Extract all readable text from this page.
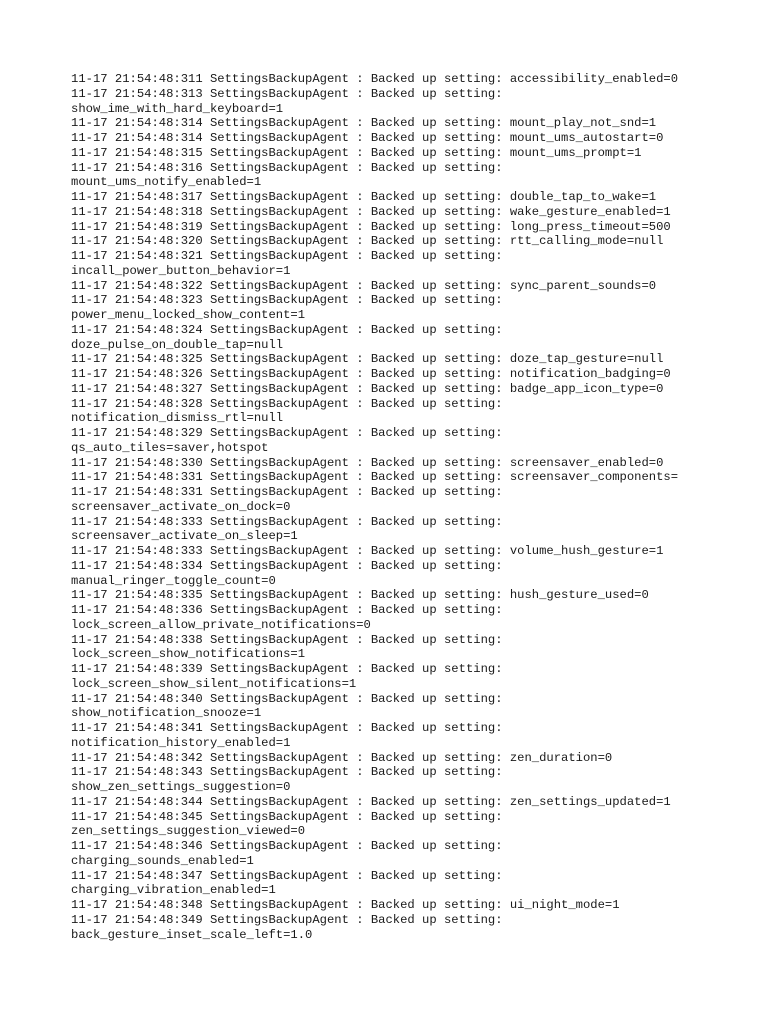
11-17 21:54:48:311 SettingsBackupAgent : Backed up setting: accessibility_enabled=0
11-17 21:54:48:313 SettingsBackupAgent : Backed up setting:
show_ime_with_hard_keyboard=1
11-17 21:54:48:314 SettingsBackupAgent : Backed up setting: mount_play_not_snd=1
11-17 21:54:48:314 SettingsBackupAgent : Backed up setting: mount_ums_autostart=0
11-17 21:54:48:315 SettingsBackupAgent : Backed up setting: mount_ums_prompt=1
11-17 21:54:48:316 SettingsBackupAgent : Backed up setting:
mount_ums_notify_enabled=1
11-17 21:54:48:317 SettingsBackupAgent : Backed up setting: double_tap_to_wake=1
11-17 21:54:48:318 SettingsBackupAgent : Backed up setting: wake_gesture_enabled=1
11-17 21:54:48:319 SettingsBackupAgent : Backed up setting: long_press_timeout=500
11-17 21:54:48:320 SettingsBackupAgent : Backed up setting: rtt_calling_mode=null
11-17 21:54:48:321 SettingsBackupAgent : Backed up setting:
incall_power_button_behavior=1
11-17 21:54:48:322 SettingsBackupAgent : Backed up setting: sync_parent_sounds=0
11-17 21:54:48:323 SettingsBackupAgent : Backed up setting:
power_menu_locked_show_content=1
11-17 21:54:48:324 SettingsBackupAgent : Backed up setting:
doze_pulse_on_double_tap=null
11-17 21:54:48:325 SettingsBackupAgent : Backed up setting: doze_tap_gesture=null
11-17 21:54:48:326 SettingsBackupAgent : Backed up setting: notification_badging=0
11-17 21:54:48:327 SettingsBackupAgent : Backed up setting: badge_app_icon_type=0
11-17 21:54:48:328 SettingsBackupAgent : Backed up setting:
notification_dismiss_rtl=null
11-17 21:54:48:329 SettingsBackupAgent : Backed up setting:
qs_auto_tiles=saver,hotspot
11-17 21:54:48:330 SettingsBackupAgent : Backed up setting: screensaver_enabled=0
11-17 21:54:48:331 SettingsBackupAgent : Backed up setting: screensaver_components=
11-17 21:54:48:331 SettingsBackupAgent : Backed up setting:
screensaver_activate_on_dock=0
11-17 21:54:48:333 SettingsBackupAgent : Backed up setting:
screensaver_activate_on_sleep=1
11-17 21:54:48:333 SettingsBackupAgent : Backed up setting: volume_hush_gesture=1
11-17 21:54:48:334 SettingsBackupAgent : Backed up setting:
manual_ringer_toggle_count=0
11-17 21:54:48:335 SettingsBackupAgent : Backed up setting: hush_gesture_used=0
11-17 21:54:48:336 SettingsBackupAgent : Backed up setting:
lock_screen_allow_private_notifications=0
11-17 21:54:48:338 SettingsBackupAgent : Backed up setting:
lock_screen_show_notifications=1
11-17 21:54:48:339 SettingsBackupAgent : Backed up setting:
lock_screen_show_silent_notifications=1
11-17 21:54:48:340 SettingsBackupAgent : Backed up setting:
show_notification_snooze=1
11-17 21:54:48:341 SettingsBackupAgent : Backed up setting:
notification_history_enabled=1
11-17 21:54:48:342 SettingsBackupAgent : Backed up setting: zen_duration=0
11-17 21:54:48:343 SettingsBackupAgent : Backed up setting:
show_zen_settings_suggestion=0
11-17 21:54:48:344 SettingsBackupAgent : Backed up setting: zen_settings_updated=1
11-17 21:54:48:345 SettingsBackupAgent : Backed up setting:
zen_settings_suggestion_viewed=0
11-17 21:54:48:346 SettingsBackupAgent : Backed up setting:
charging_sounds_enabled=1
11-17 21:54:48:347 SettingsBackupAgent : Backed up setting:
charging_vibration_enabled=1
11-17 21:54:48:348 SettingsBackupAgent : Backed up setting: ui_night_mode=1
11-17 21:54:48:349 SettingsBackupAgent : Backed up setting:
back_gesture_inset_scale_left=1.0
